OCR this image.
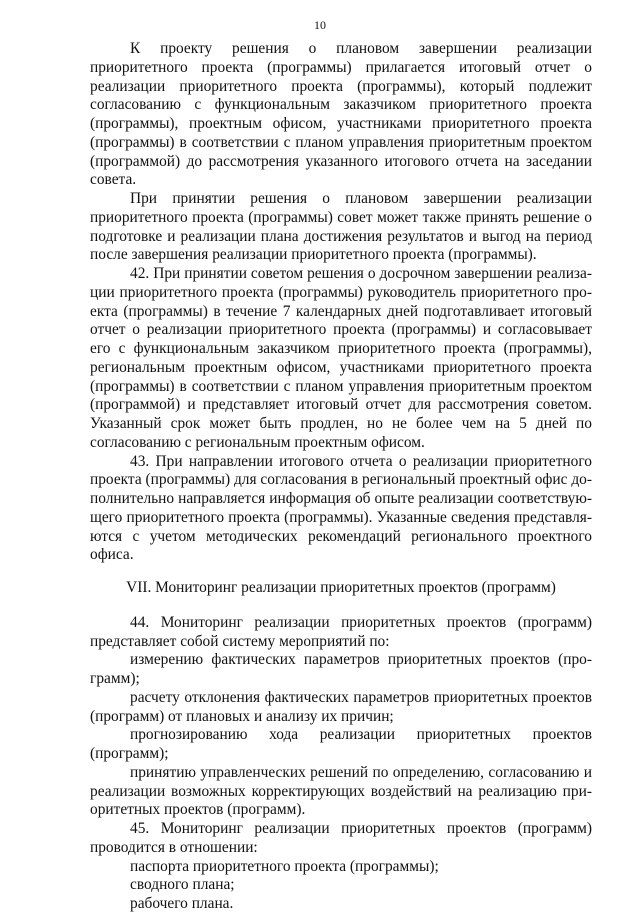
10

К проекту решения о плановом завершении реализации приоритетного проекта (программы) прилагается итоговый отчет о реализации приоритетного проекта (программы), который подлежит согласованию с функциональным заказчиком приоритетного проекта (программы), проектным офисом, участниками приоритетного проекта (программы) в соответствии с планом управления приоритетным проектом (программой) до рассмотрения указанного итогового отчета на заседании совета.

При принятии решения о плановом завершении реализации приоритетного проекта (программы) совет может также принять решение о подготовке и реализации плана достижения результатов и выгод на период после завершения реализации приоритетного проекта (программы).

42. При принятии советом решения о досрочном завершении реализации приоритетного проекта (программы) руководитель приоритетного проекта (программы) в течение 7 календарных дней подготавливает итоговый отчет о реализации приоритетного проекта (программы) и согласовывает его с функциональным заказчиком приоритетного проекта (программы), региональным проектным офисом, участниками приоритетного проекта (программы) в соответствии с планом управления приоритетным проектом (программой) и представляет итоговый отчет для рассмотрения советом. Указанный срок может быть продлен, но не более чем на 5 дней по согласованию с региональным проектным офисом.

43. При направлении итогового отчета о реализации приоритетного проекта (программы) для согласования в региональный проектный офис дополнительно направляется информация об опыте реализации соответствующего приоритетного проекта (программы). Указанные сведения представляются с учетом методических рекомендаций регионального проектного офиса.

VII. Мониторинг реализации приоритетных проектов (программ)

44. Мониторинг реализации приоритетных проектов (программ) представляет собой систему мероприятий по:

измерению фактических параметров приоритетных проектов (программ);

расчету отклонения фактических параметров приоритетных проектов (программ) от плановых и анализу их причин;

прогнозированию хода реализации приоритетных проектов (программ);

принятию управленческих решений по определению, согласованию и реализации возможных корректирующих воздействий на реализацию приоритетных проектов (программ).

45. Мониторинг реализации приоритетных проектов (программ) проводится в отношении:

паспорта приоритетного проекта (программы);

сводного плана;

рабочего плана.
